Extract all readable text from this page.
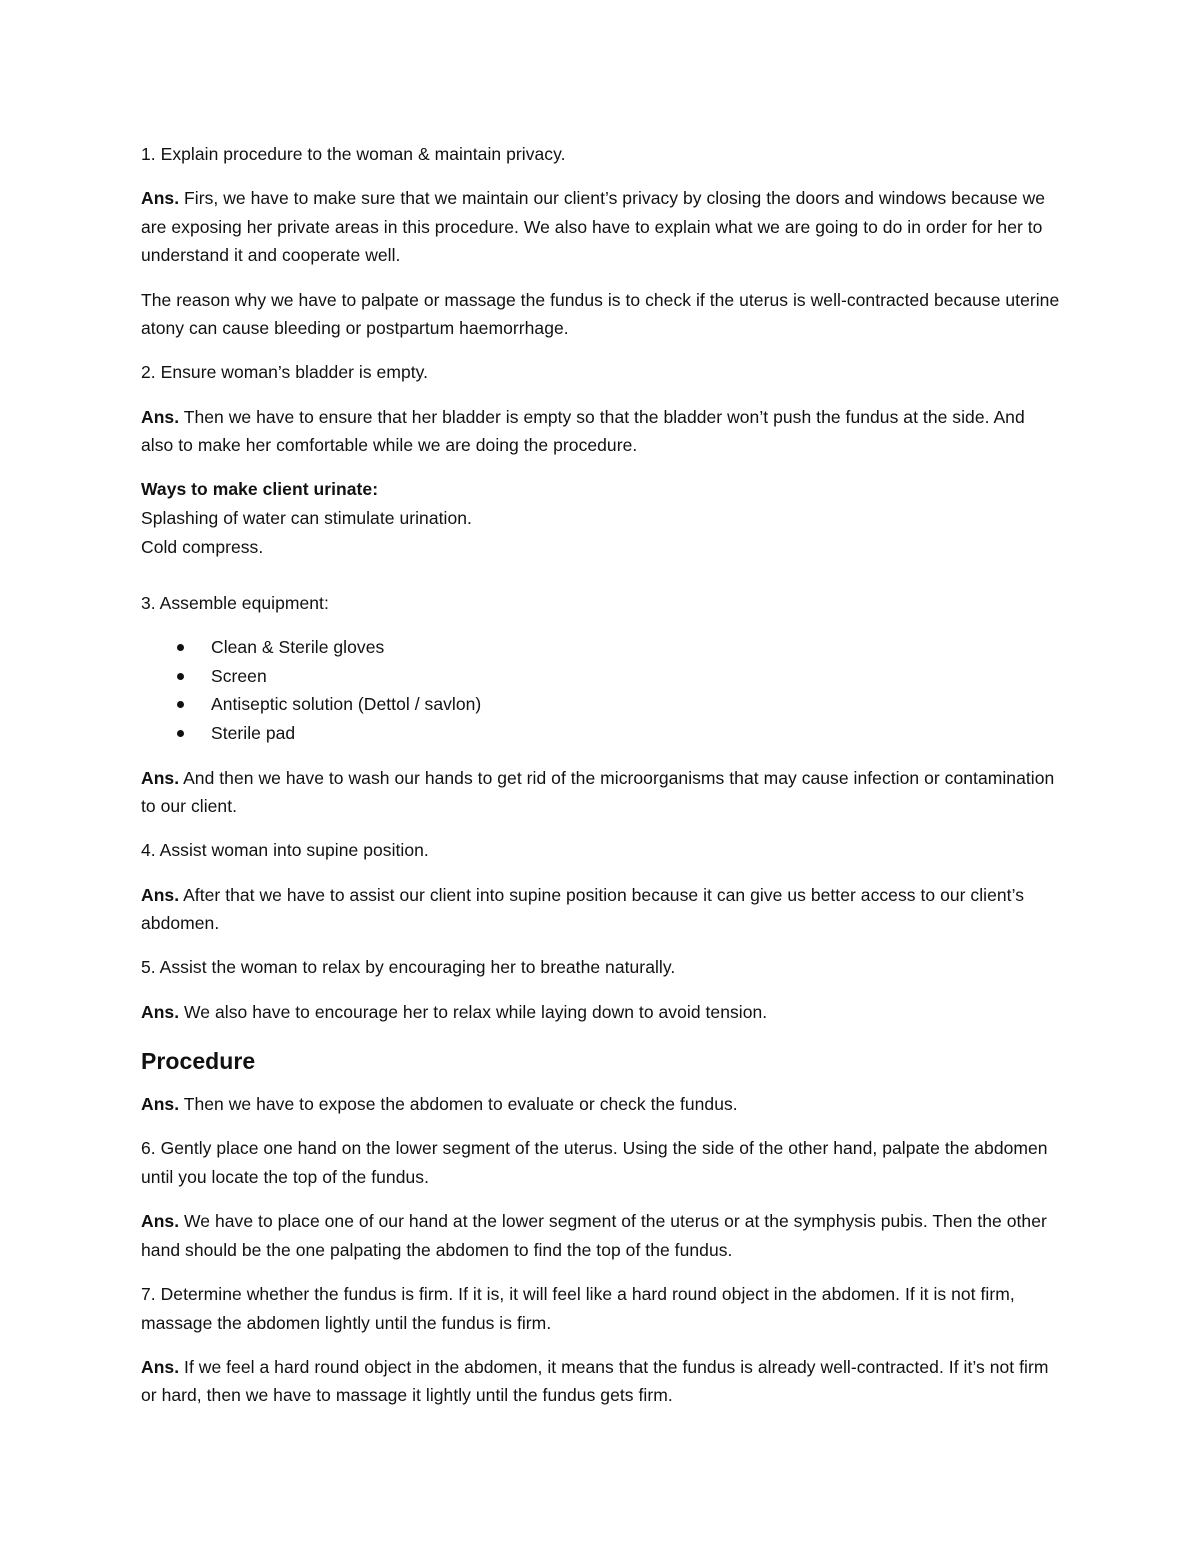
1. Explain procedure to the woman & maintain privacy.

Ans. Firs, we have to make sure that we maintain our client’s privacy by closing the doors and windows because we are exposing her private areas in this procedure. We also have to explain what we are going to do in order for her to understand it and cooperate well.

The reason why we have to palpate or massage the fundus is to check if the uterus is well-contracted because uterine atony can cause bleeding or postpartum haemorrhage.

2. Ensure woman’s bladder is empty.

Ans. Then we have to ensure that her bladder is empty so that the bladder won’t push the fundus at the side. And also to make her comfortable while we are doing the procedure.

Ways to make client urinate:

Splashing of water can stimulate urination.

Cold compress.

3. Assemble equipment:

Clean & Sterile gloves
Screen
Antiseptic solution (Dettol / savlon)
Sterile pad

Ans. And then we have to wash our hands to get rid of the microorganisms that may cause infection or contamination to our client.

4. Assist woman into supine position.

Ans. After that we have to assist our client into supine position because it can give us better access to our client’s abdomen.

5. Assist the woman to relax by encouraging her to breathe naturally.

Ans. We also have to encourage her to relax while laying down to avoid tension.

Procedure

Ans. Then we have to expose the abdomen to evaluate or check the fundus.

6. Gently place one hand on the lower segment of the uterus. Using the side of the other hand, palpate the abdomen until you locate the top of the fundus.

Ans. We have to place one of our hand at the lower segment of the uterus or at the symphysis pubis. Then the other hand should be the one palpating the abdomen to find the top of the fundus.

7. Determine whether the fundus is firm. If it is, it will feel like a hard round object in the abdomen. If it is not firm, massage the abdomen lightly until the fundus is firm.

Ans. If we feel a hard round object in the abdomen, it means that the fundus is already well-contracted. If it’s not firm or hard, then we have to massage it lightly until the fundus gets firm.
